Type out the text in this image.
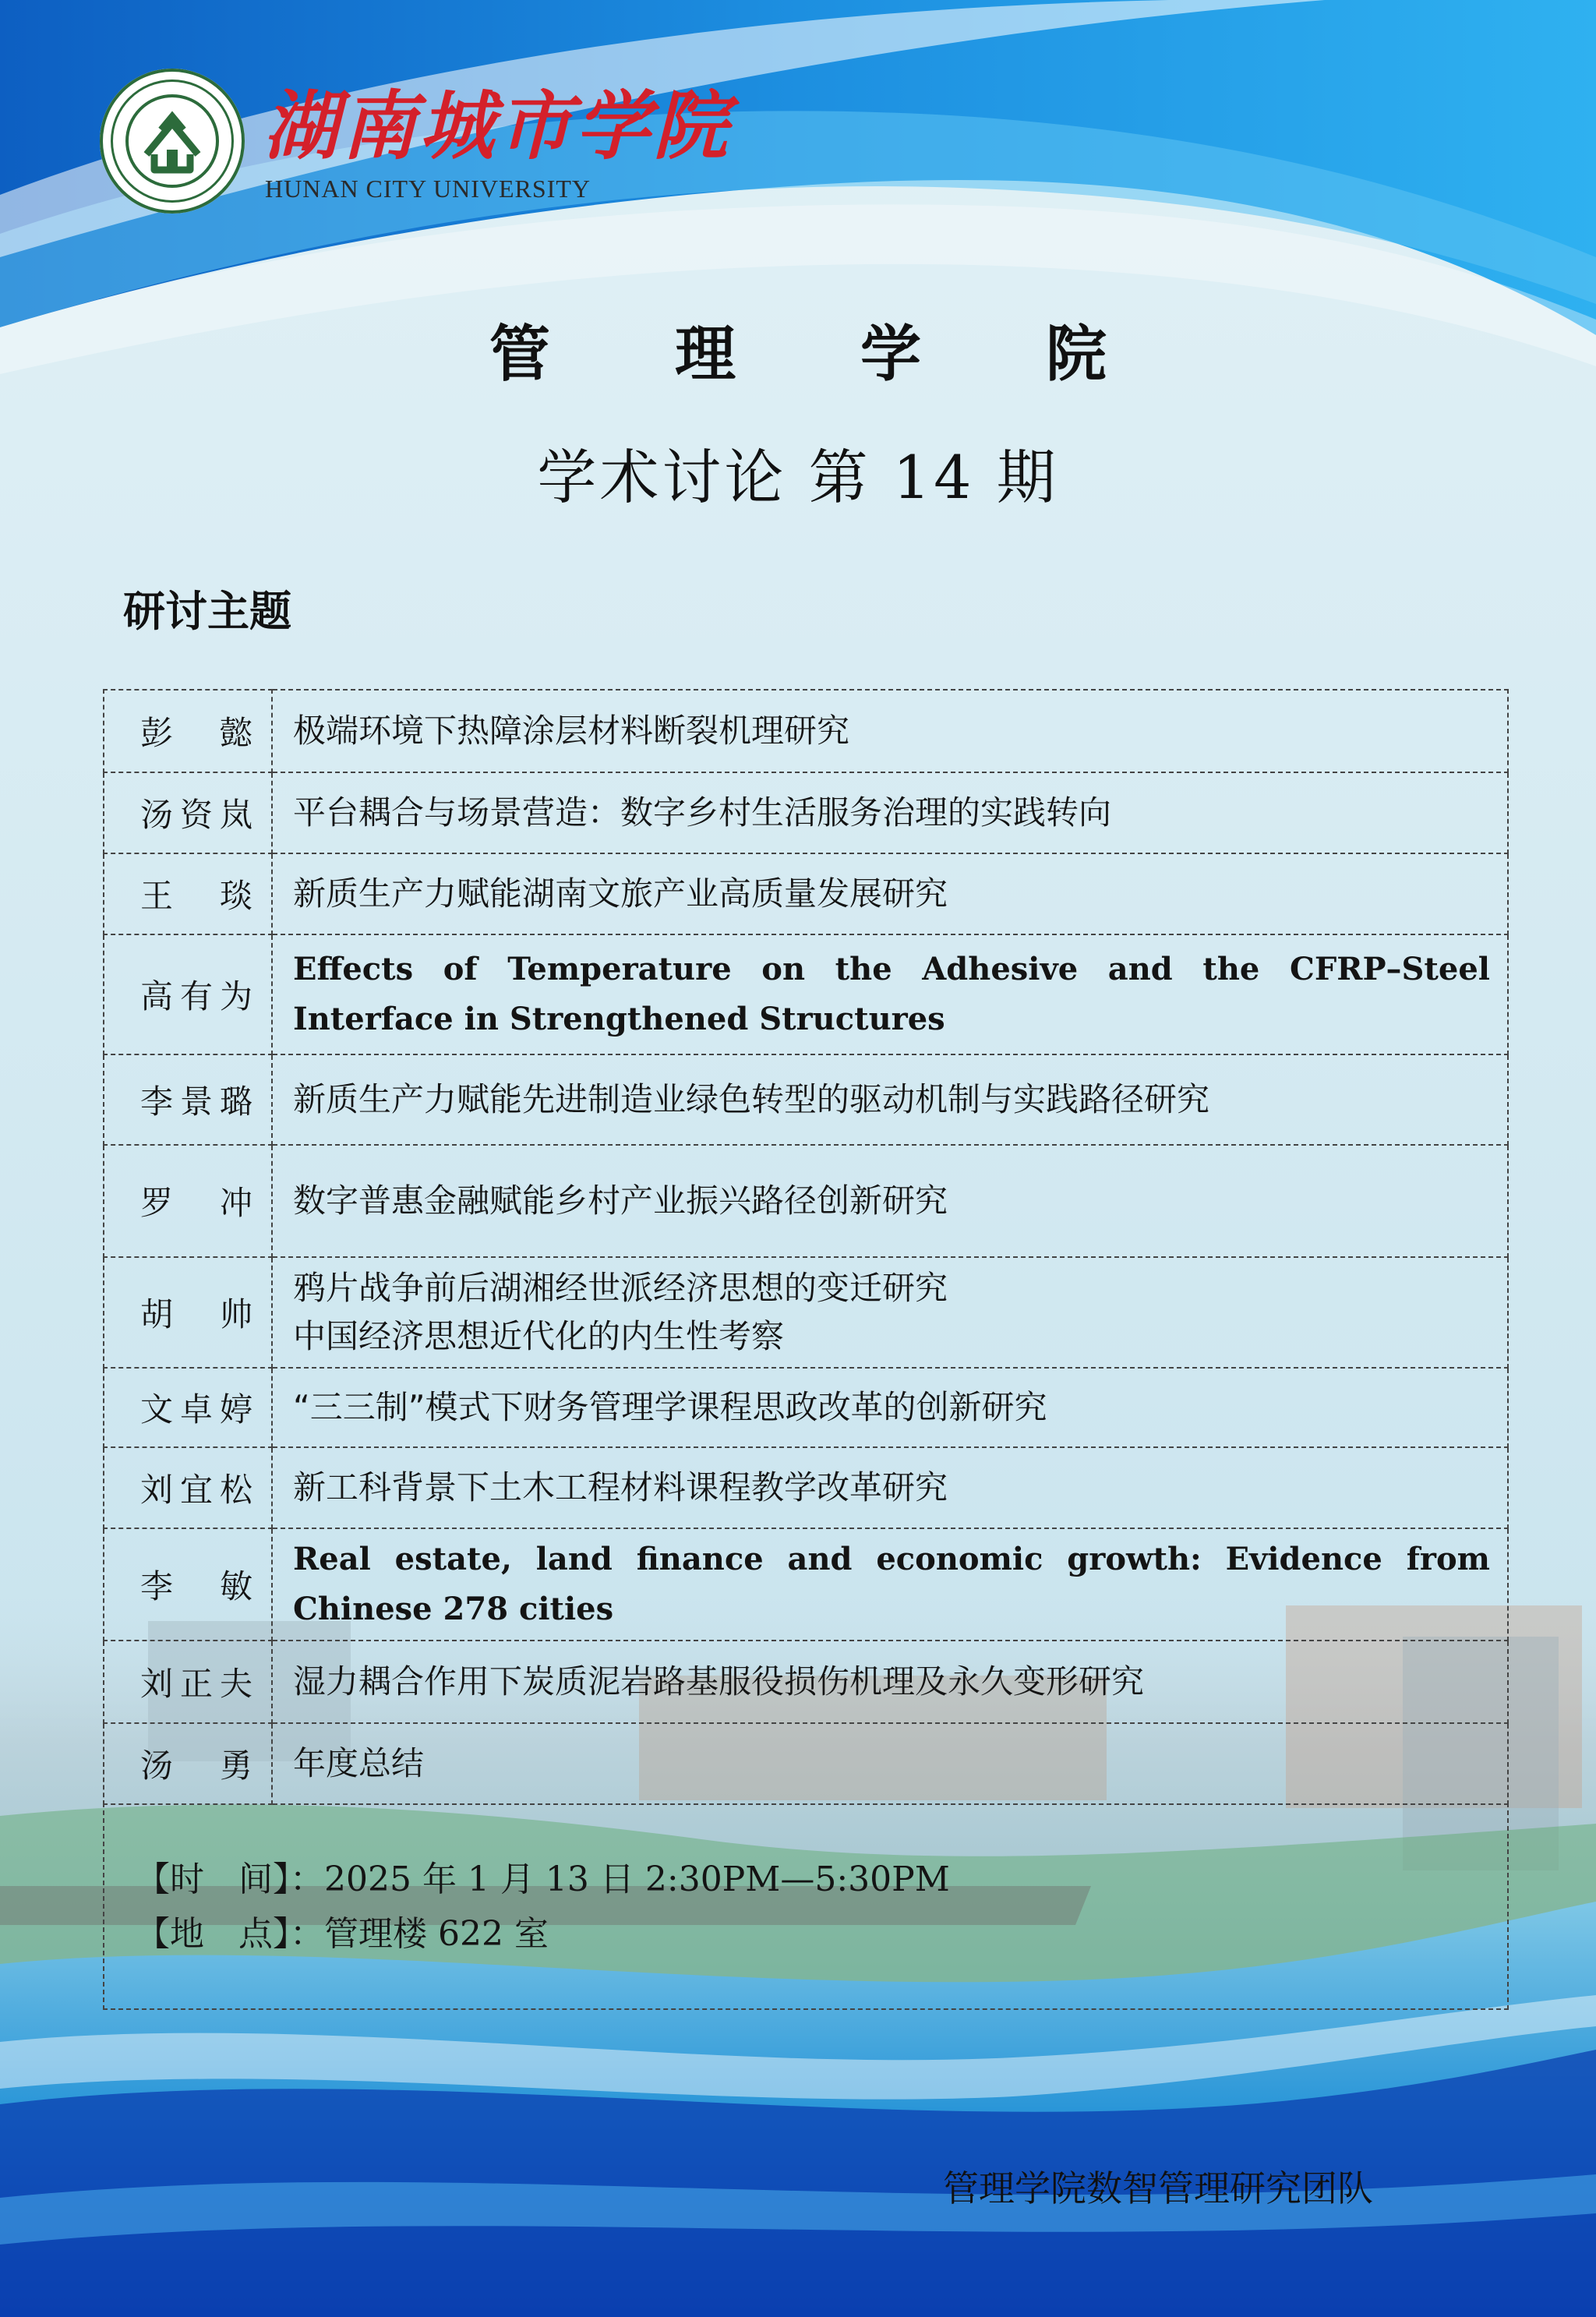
湖南城市学院
HUNAN CITY UNIVERSITY
管理学院
学术讨论 第 14 期
研讨主题
彭懿	极端环境下热障涂层材料断裂机理研究

汤资岚	平台耦合与场景营造：数字乡村生活服务治理的实践转向

王琰	新质生产力赋能湖南文旅产业高质量发展研究

高有为	Effects of Temperature on the Adhesive and the CFRP–Steel Interface in Strengthened Structures

李景璐	新质生产力赋能先进制造业绿色转型的驱动机制与实践路径研究

罗冲	数字普惠金融赋能乡村产业振兴路径创新研究

胡帅	鸦片战争前后湖湘经世派经济思想的变迁研究
中国经济思想近代化的内生性考察

文卓婷	“三三制”模式下财务管理学课程思政改革的创新研究

刘宜松	新工科背景下土木工程材料课程教学改革研究

李敏	Real estate, land finance and economic growth: Evidence from Chinese 278 cities

刘正夫	湿力耦合作用下炭质泥岩路基服役损伤机理及永久变形研究

汤勇	年度总结
【时　间】：2025 年 1 月 13 日 2:30PM—5:30PM
【地　点】：管理楼 622 室
管理学院数智管理研究团队
